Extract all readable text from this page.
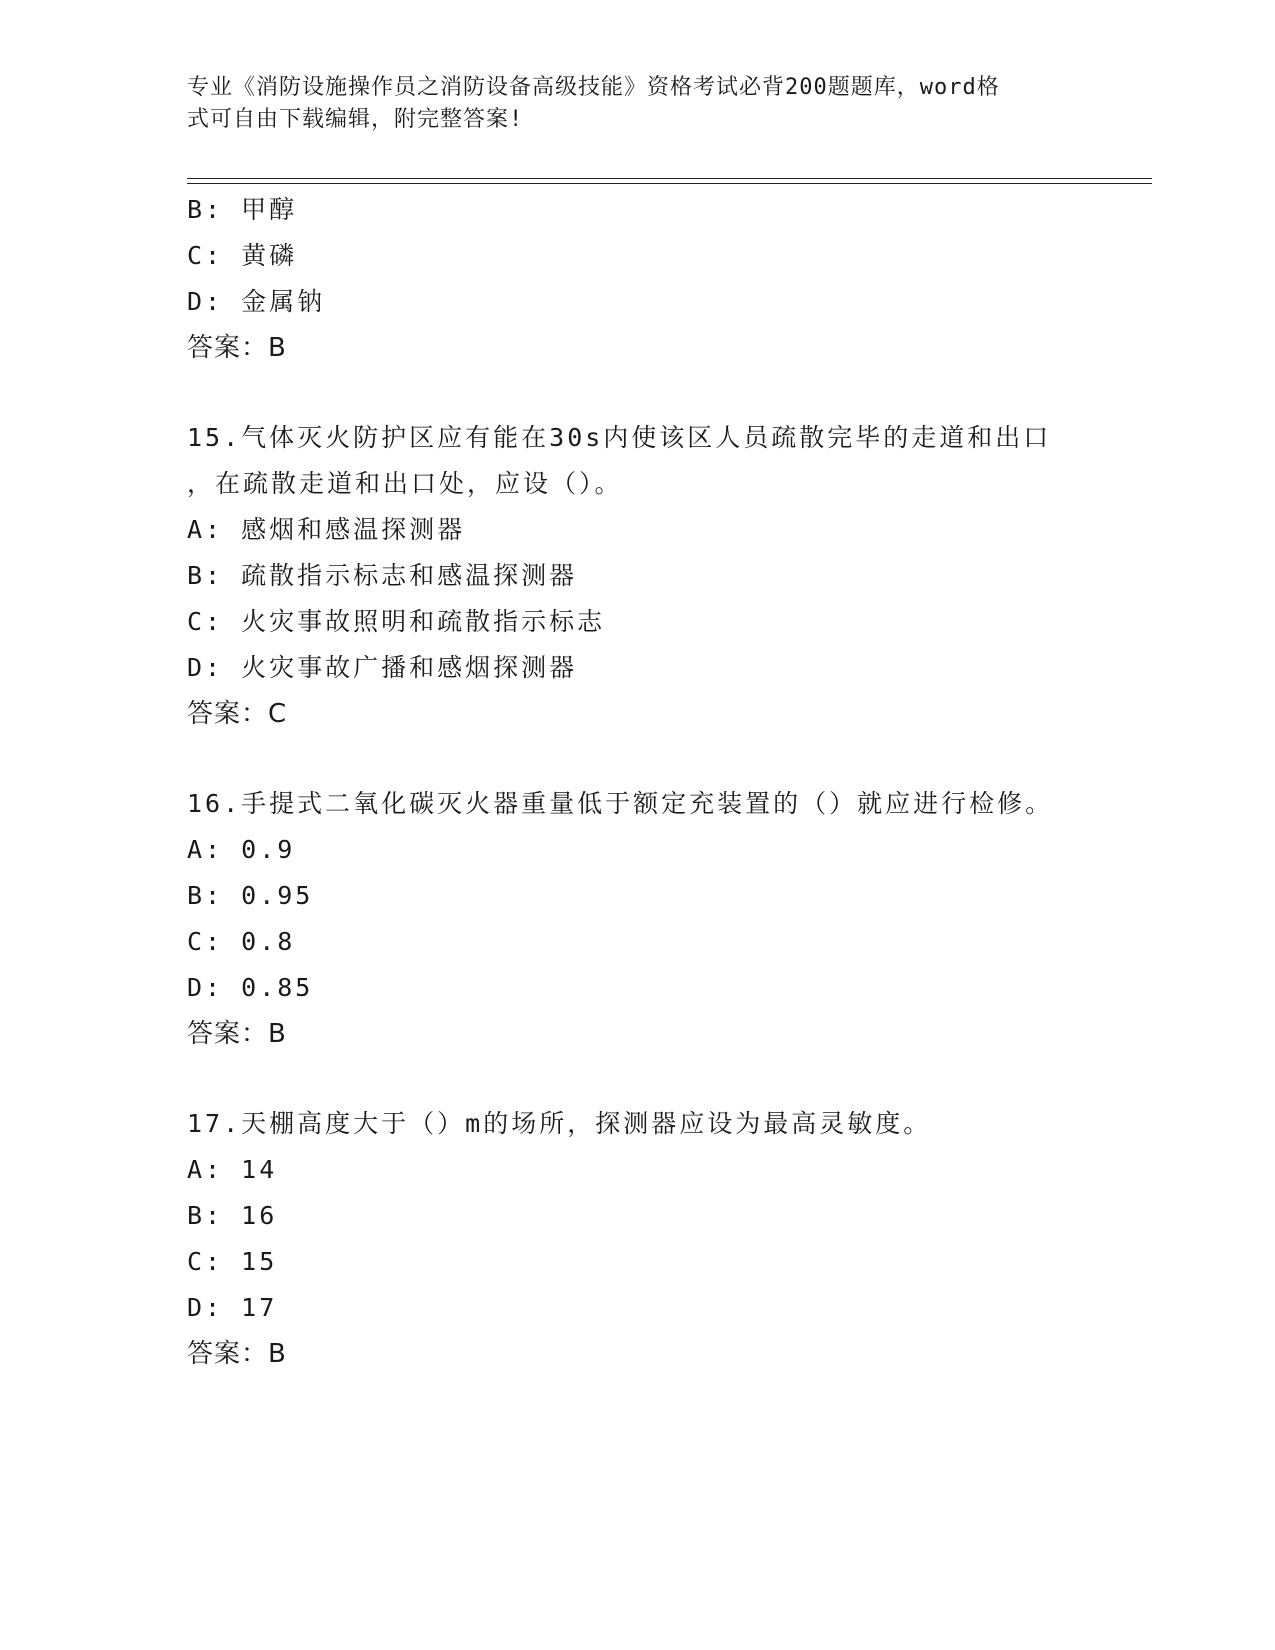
专业《消防设施操作员之消防设备高级技能》资格考试必背200题题库，word格
式可自由下载编辑，附完整答案!
B: 甲醇
C: 黄磷
D: 金属钠
答案：B
15.气体灭火防护区应有能在30s内使该区人员疏散完毕的走道和出口
，在疏散走道和出口处，应设（）。
A: 感烟和感温探测器
B: 疏散指示标志和感温探测器
C: 火灾事故照明和疏散指示标志
D: 火灾事故广播和感烟探测器
答案：C
16.手提式二氧化碳灭火器重量低于额定充装置的（）就应进行检修。
A: 0.9
B: 0.95
C: 0.8
D: 0.85
答案：B
17.天棚高度大于（）m的场所，探测器应设为最高灵敏度。
A: 14
B: 16
C: 15
D: 17
答案：B
